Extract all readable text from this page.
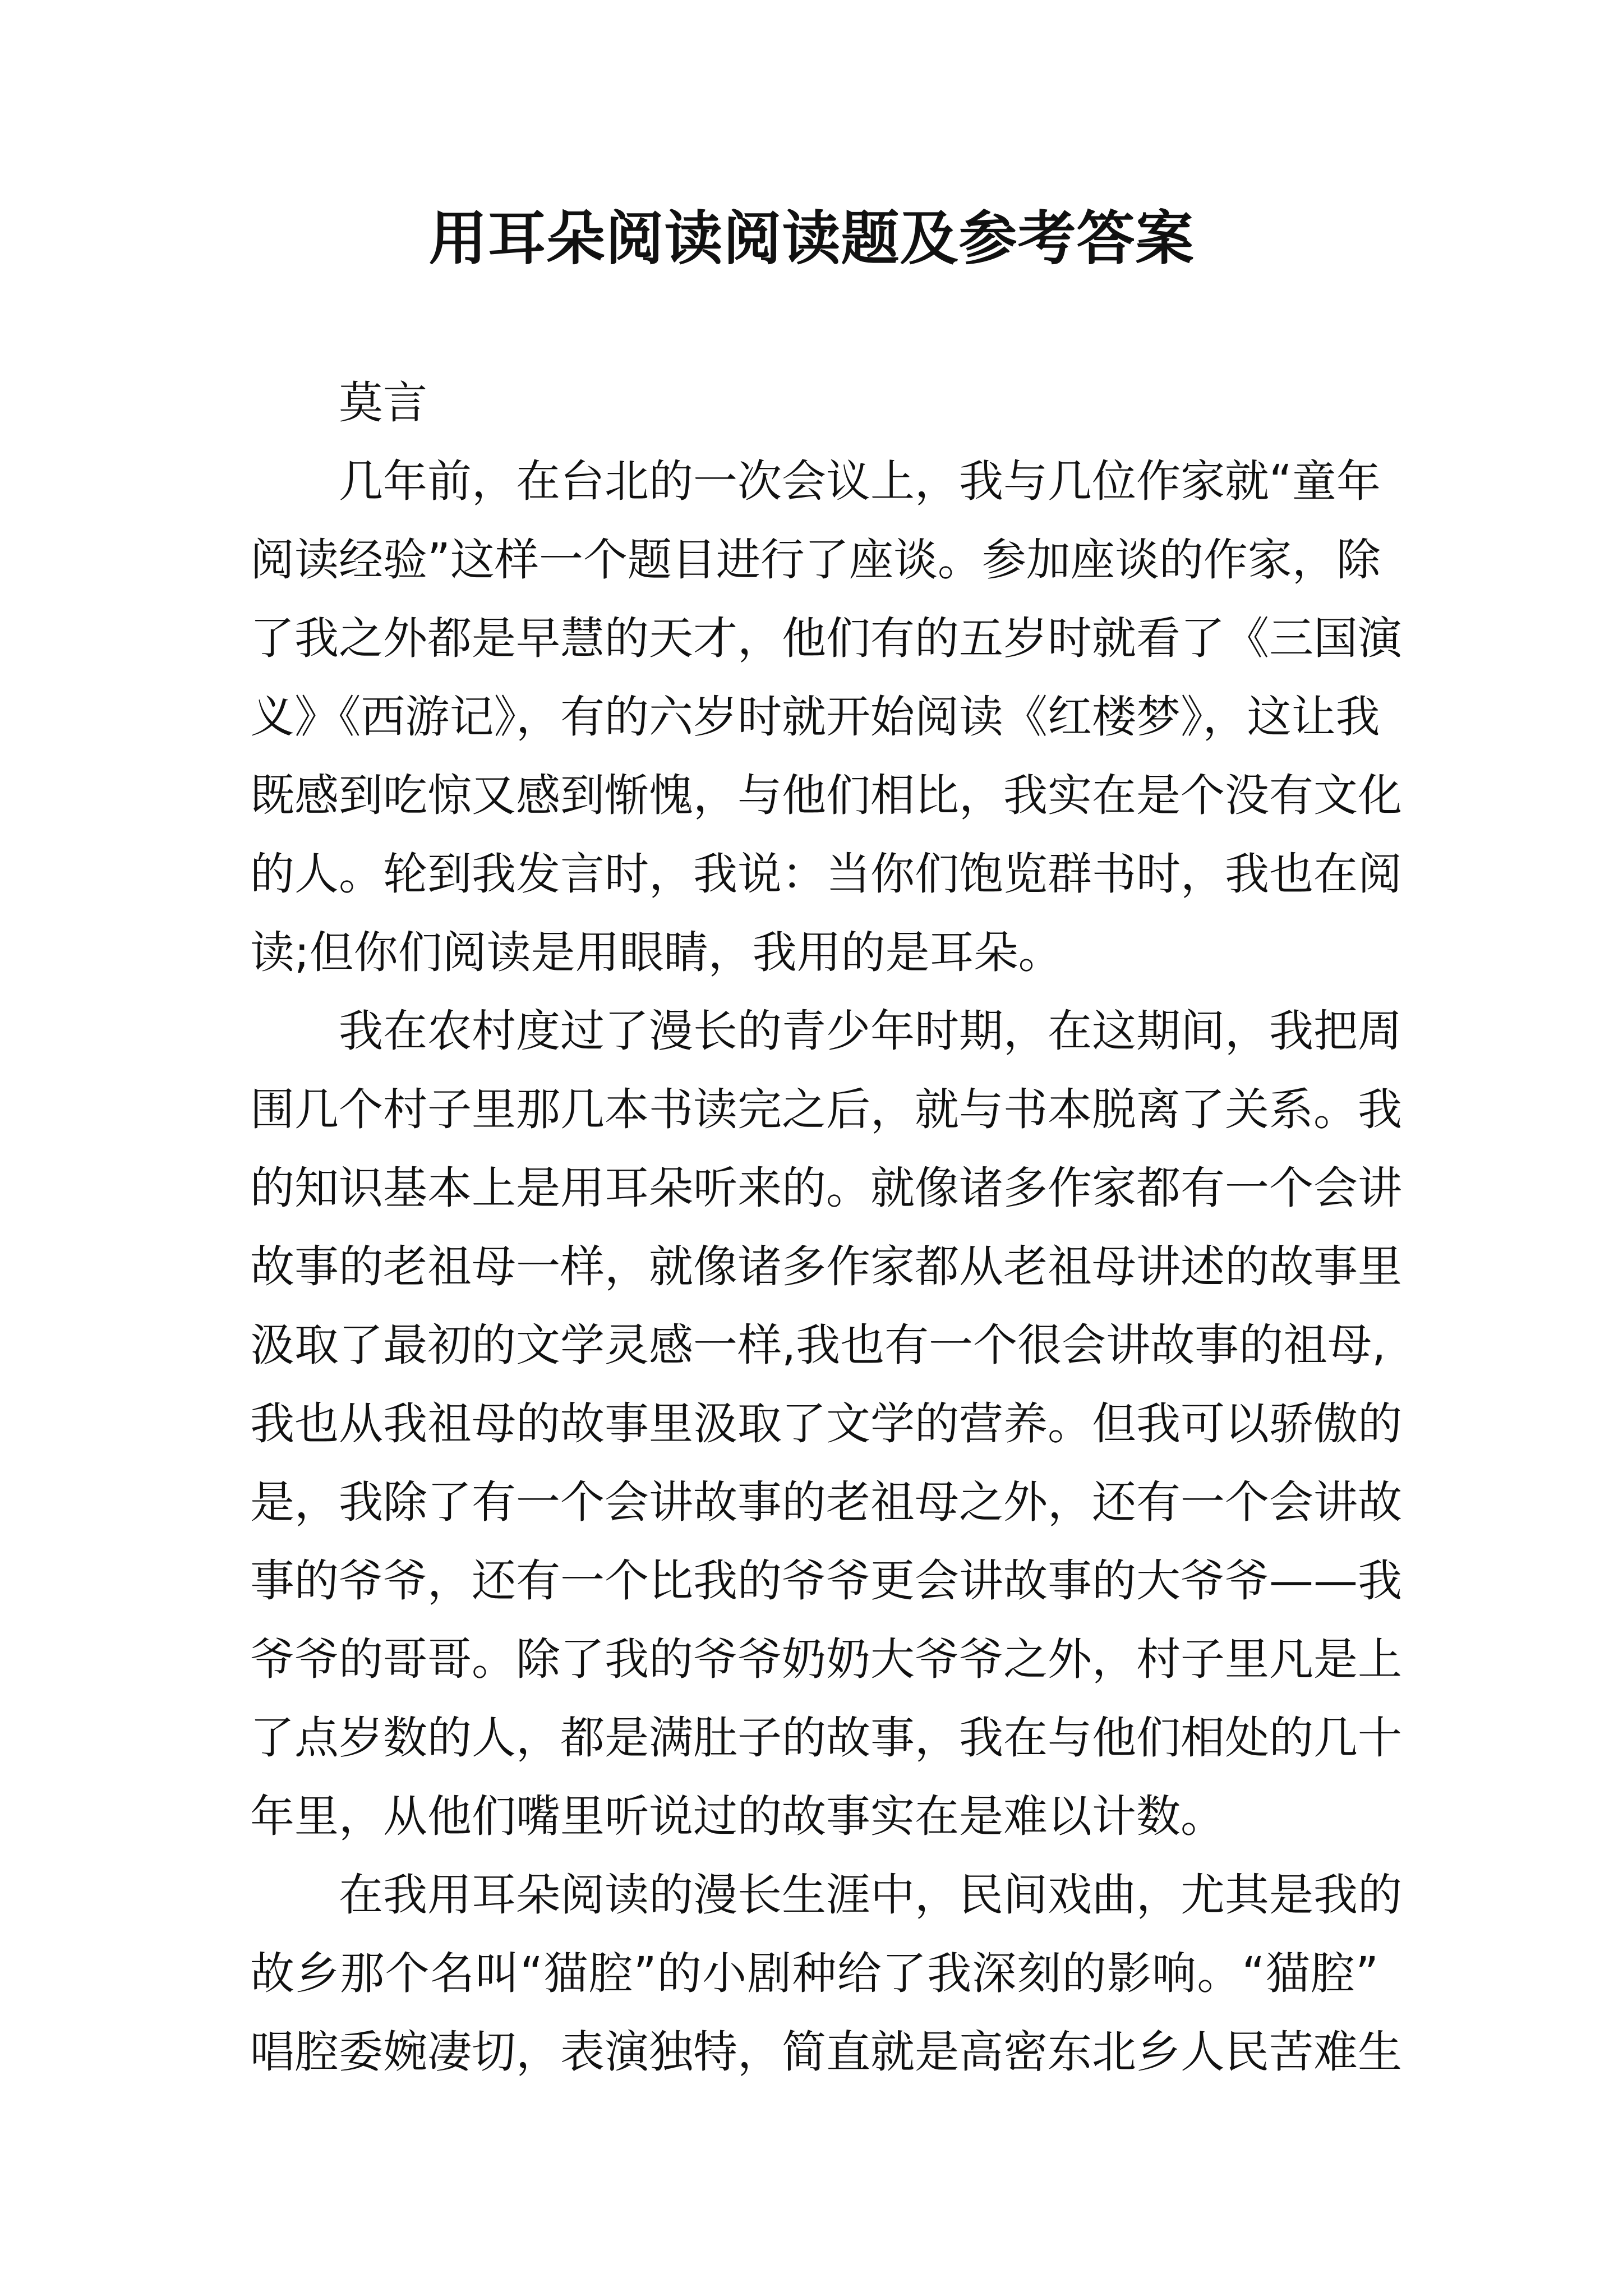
用耳朵阅读阅读题及参考答案
莫言
几年前，在台北的一次会议上，我与几位作家就“童年
阅读经验”这样一个题目进行了座谈。参加座谈的作家，除
了我之外都是早慧的天才，他们有的五岁时就看了《三国演
义》《西游记》，有的六岁时就开始阅读《红楼梦》，这让我
既感到吃惊又感到惭愧，与他们相比，我实在是个没有文化
的人。轮到我发言时，我说：当你们饱览群书时，我也在阅
读;但你们阅读是用眼睛，我用的是耳朵。
我在农村度过了漫长的青少年时期，在这期间，我把周
围几个村子里那几本书读完之后，就与书本脱离了关系。我
的知识基本上是用耳朵听来的。就像诸多作家都有一个会讲
故事的老祖母一样，就像诸多作家都从老祖母讲述的故事里
汲取了最初的文学灵感一样,我也有一个很会讲故事的祖母,
我也从我祖母的故事里汲取了文学的营养。但我可以骄傲的
是，我除了有一个会讲故事的老祖母之外，还有一个会讲故
事的爷爷，还有一个比我的爷爷更会讲故事的大爷爷——我
爷爷的哥哥。除了我的爷爷奶奶大爷爷之外，村子里凡是上
了点岁数的人，都是满肚子的故事，我在与他们相处的几十
年里，从他们嘴里听说过的故事实在是难以计数。
在我用耳朵阅读的漫长生涯中，民间戏曲，尤其是我的
故乡那个名叫“猫腔”的小剧种给了我深刻的影响。“猫腔”
唱腔委婉凄切，表演独特，简直就是高密东北乡人民苦难生
